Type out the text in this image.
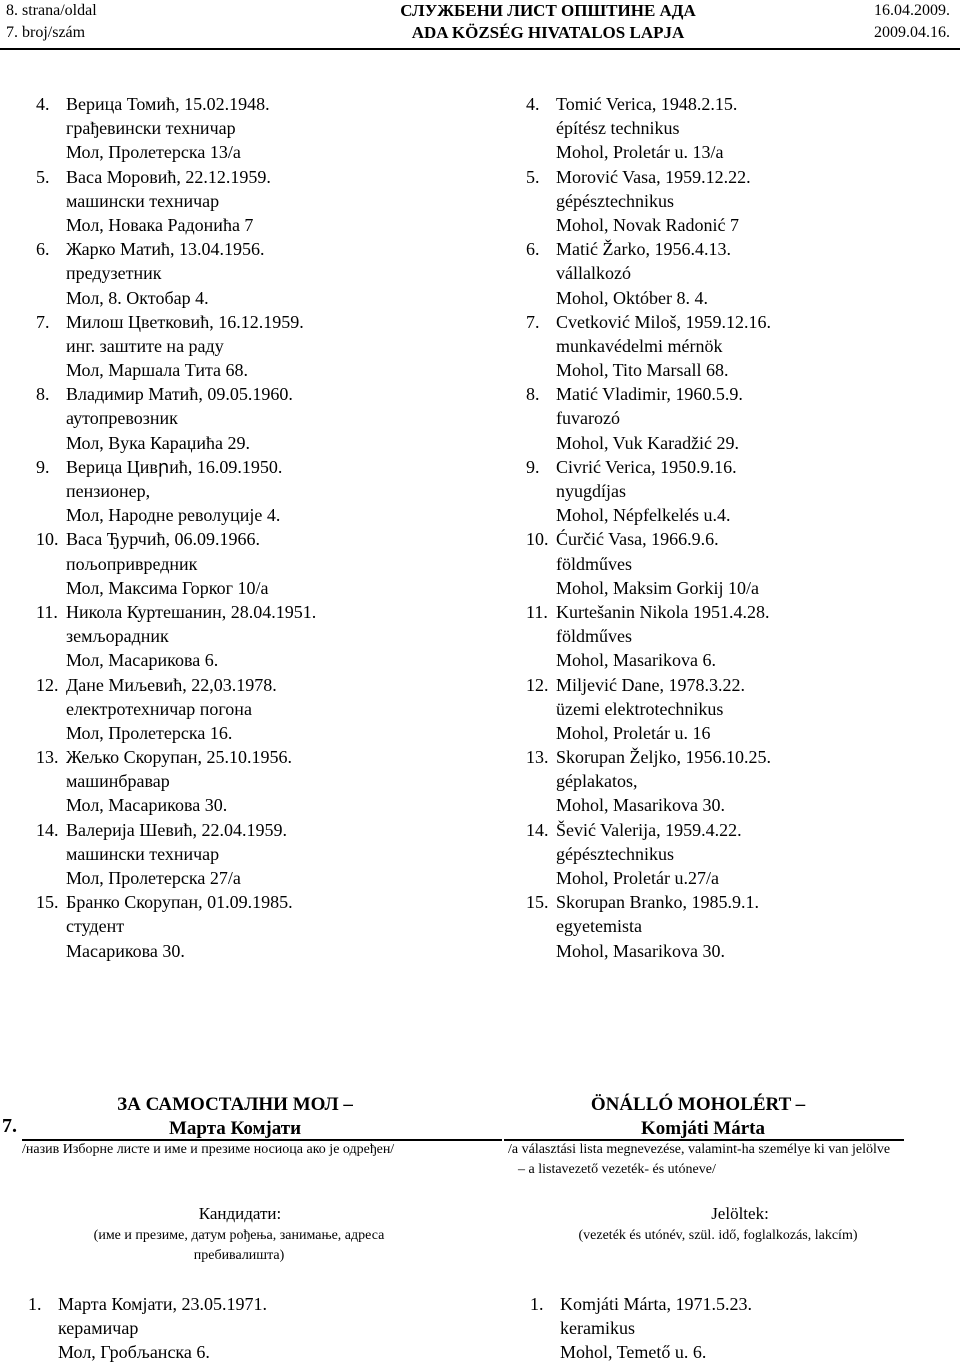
8. strana/oldal
7. broj/szám
СЛУЖБЕНИ ЛИСТ ОПШТИНЕ АДА
ADA KÖZSÉG HIVATALOS LAPJA
16.04.2009.
2009.04.16.
4. Верица Томић, 15.02.1948.
грађевински техничар
Мол, Пролетерска 13/а
5. Васа Моровић, 22.12.1959.
машински техничар
Мол, Новака Радонића 7
6. Жарко Матић, 13.04.1956.
предузетник
Мол, 8. Октобар 4.
7. Милош Цветковић, 16.12.1959.
инг. заштите на раду
Мол, Маршала Тита 68.
8. Владимир Матић, 09.05.1960.
аутопревозник
Мол, Вука Караџића 29.
9. Верица Цивրић, 16.09.1950.
пензионер,
Мол, Народне револуције 4.
10. Васа Ђурчић, 06.09.1966.
пољопривредник
Мол, Максима Горког 10/а
11. Никола Куртешанин, 28.04.1951.
земљорадник
Мол, Масарикова 6.
12. Дане Миљевић, 22,03.1978.
електротехничар погона
Мол, Пролетерска 16.
13. Жељко Скорупан, 25.10.1956.
машинбравар
Мол, Масарикова 30.
14. Валерија Шевић, 22.04.1959.
машински техничар
Мол, Пролетерска 27/а
15. Бранко Скорупан, 01.09.1985.
студент
Масарикова 30.
4. Tomić Verica, 1948.2.15.
építész technikus
Mohol, Proletár u. 13/a
5. Morović Vasa, 1959.12.22.
gépésztechnikus
Mohol, Novak Radonić 7
6. Matić Žarko, 1956.4.13.
vállalkozó
Mohol, Október 8. 4.
7. Cvetković Miloš, 1959.12.16.
munkavédelmi mérnök
Mohol, Tito Marsall 68.
8. Matić Vladimir, 1960.5.9.
fuvarozó
Mohol, Vuk Karadžić 29.
9. Civrić Verica, 1950.9.16.
nyugdíjas
Mohol, Népfelkelés u.4.
10. Ćurčić Vasa, 1966.9.6.
földműves
Mohol, Maksim Gorkij 10/a
11. Kurtešanin Nikola 1951.4.28.
földműves
Mohol, Masarikova 6.
12. Miljević Dane, 1978.3.22.
üzemi elektrotechnikus
Mohol, Proletár u. 16
13. Skorupan Željko, 1956.10.25.
géplakatos,
Mohol, Masarikova 30.
14. Šević Valerija, 1959.4.22.
gépésztechnikus
Mohol, Proletár u.27/a
15. Skorupan Branko, 1985.9.1.
egyetemista
Mohol, Masarikova 30.
ЗА САМОСТАЛНИ МОЛ –	ÖNÁLLÓ MOHOLÉRT –
7.	Марта Комјати	Komjáti Márta
/назив Изборне листе и име и презиме носиоца ако је одређен/	/a választási lista megnevezése, valamint-ha személye ki van jelölve
– a listavezető vezeték- és utóneve/
Кандидати:
(име и презиме, датум рођења, занимање, адреса
пребивалишта)
Jelöltek:
(vezeték és utónév, szül. idő, foglalkozás, lakcím)
1. Марта Комјати, 23.05.1971.
керамичар
Мол, Гробљанска 6.
1. Komjáti Márta, 1971.5.23.
keramikus
Mohol, Temető u. 6.
